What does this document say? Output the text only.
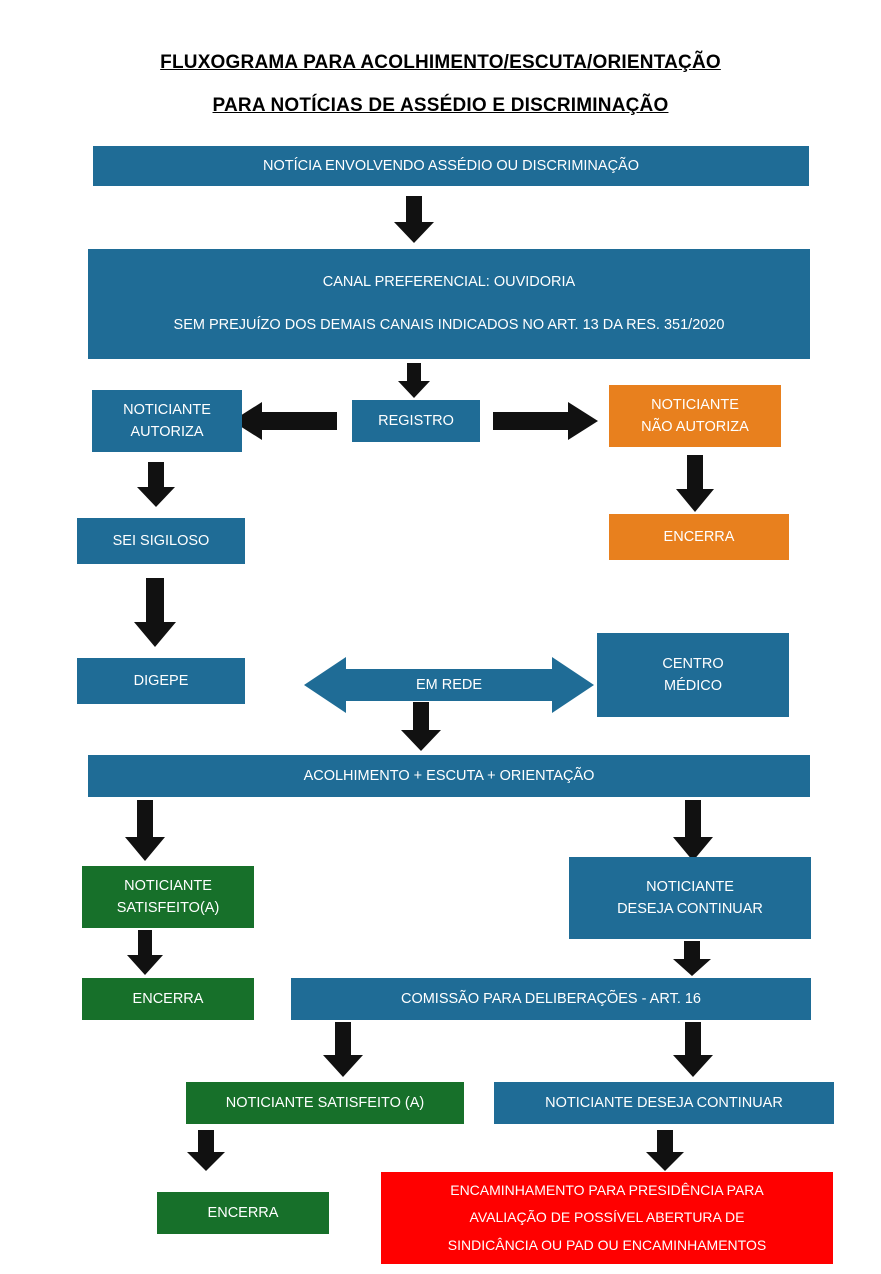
FLUXOGRAMA PARA ACOLHIMENTO/ESCUTA/ORIENTAÇÃO
PARA NOTÍCIAS DE ASSÉDIO E DISCRIMINAÇÃO
NOTÍCIA ENVOLVENDO ASSÉDIO OU DISCRIMINAÇÃO
CANAL PREFERENCIAL: OUVIDORIA
SEM PREJUÍZO DOS DEMAIS CANAIS INDICADOS NO ART. 13 DA RES. 351/2020
REGISTRO
NOTICIANTE
AUTORIZA
NOTICIANTE
NÃO AUTORIZA
SEI SIGILOSO	ENCERRA
DIGEPE	EM REDE
CENTRO
MÉDICO
ACOLHIMENTO + ESCUTA + ORIENTAÇÃO
NOTICIANTE
SATISFEITO(A)
NOTICIANTE
DESEJA CONTINUAR
ENCERRA	COMISSÃO PARA DELIBERAÇÕES - ART. 16
NOTICIANTE SATISFEITO (A)	NOTICIANTE DESEJA CONTINUAR
ENCERRA
ENCAMINHAMENTO PARA PRESIDÊNCIA PARA
AVALIAÇÃO DE POSSÍVEL ABERTURA DE
SINDICÂNCIA OU PAD OU ENCAMINHAMENTOS
